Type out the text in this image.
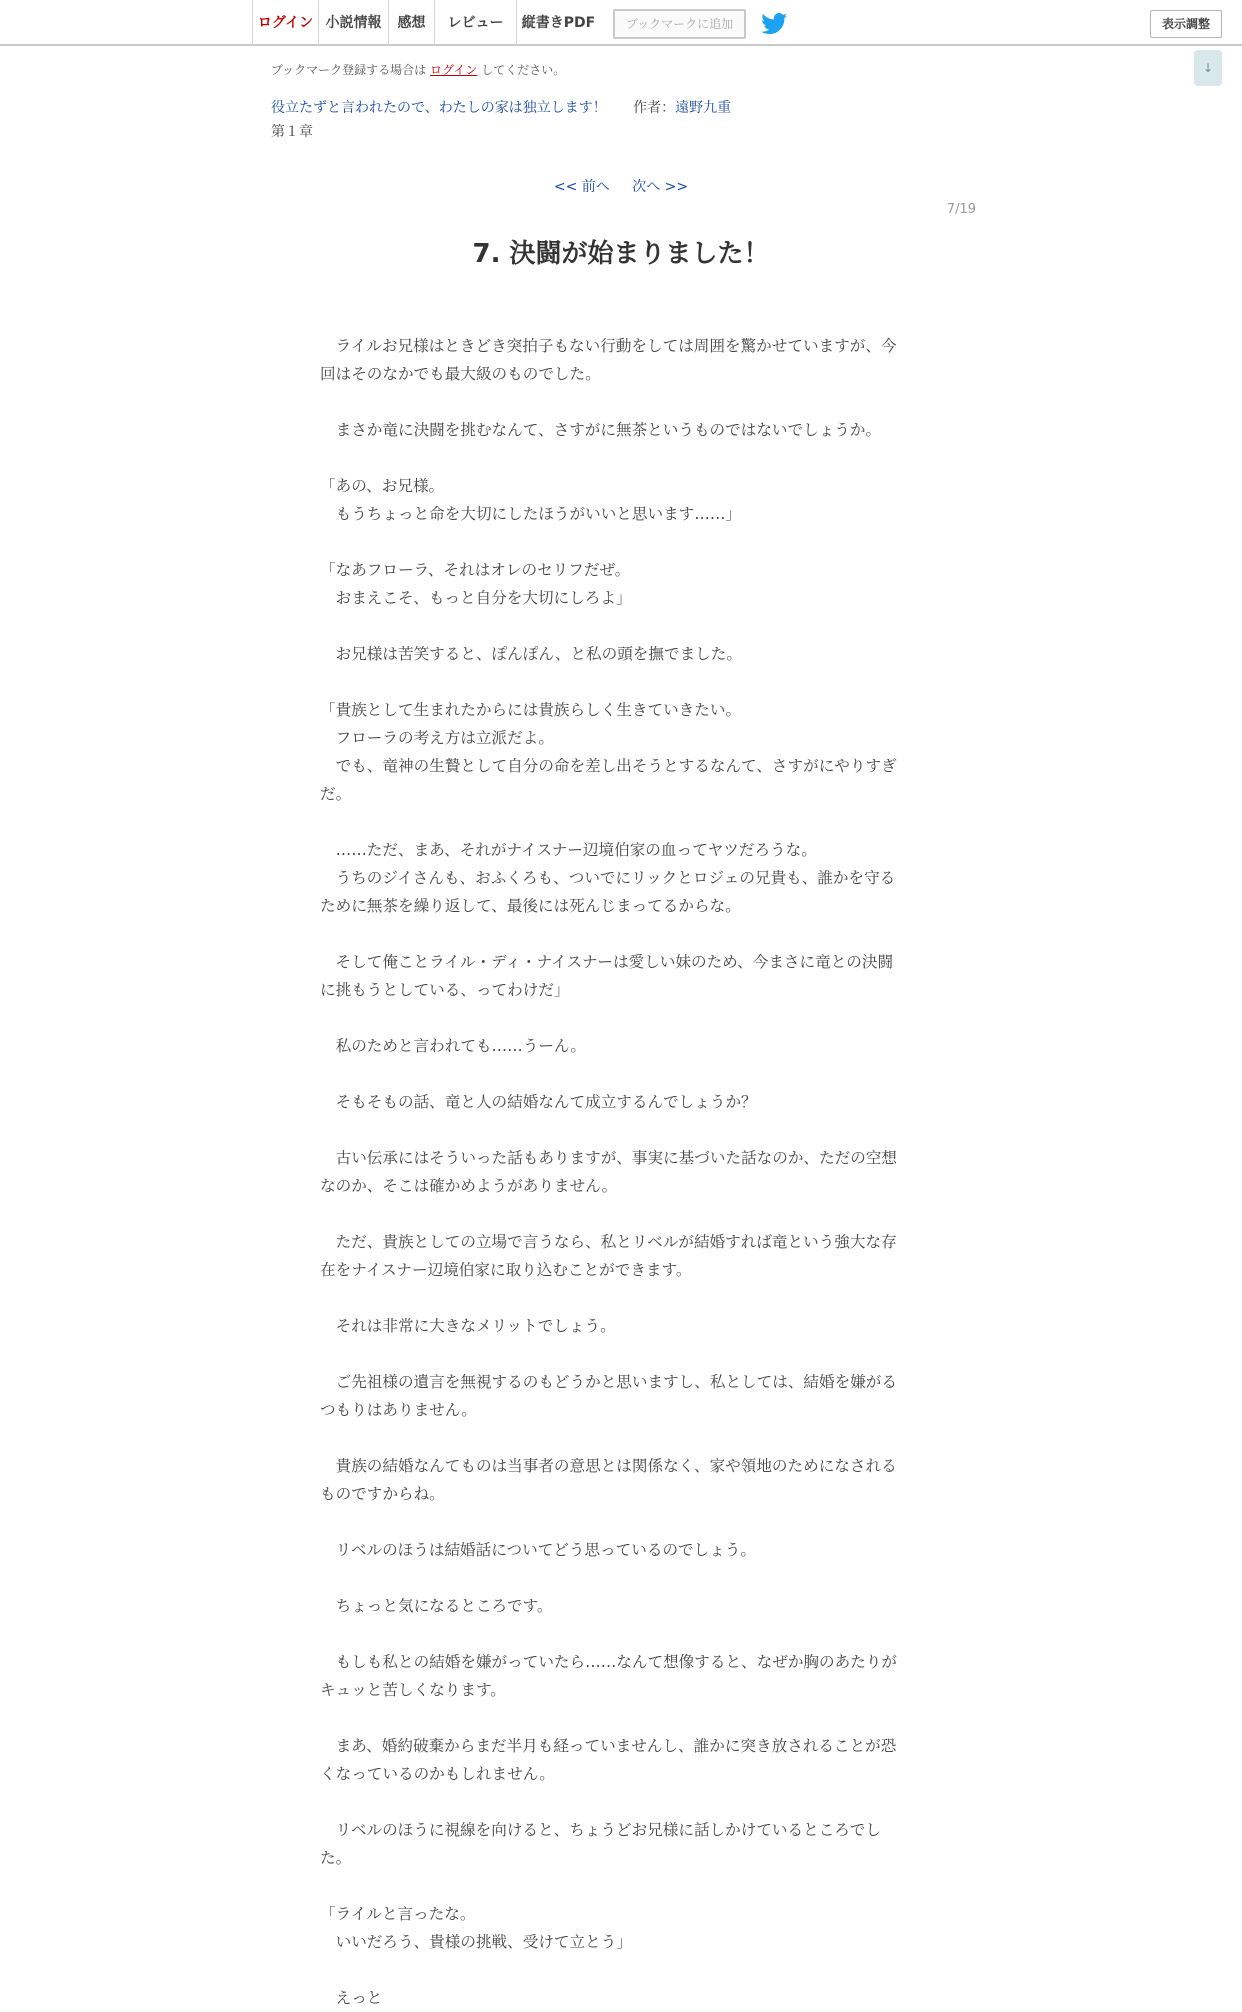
ログイン 小説情報	感想	レビュー	縦書きPDF	ブックマークに追加	表示調整
↓
ブックマーク登録する場合は ログイン してください。
役立たずと言われたので、わたしの家は独立します！ 作者：遠野九重
第１章
<< 前へ 次へ >>
7/19
7. 決闘が始まりました！
　ライルお兄様はときどき突拍子もない行動をしては周囲を驚かせていますが、今
回はそのなかでも最大級のものでした。
　まさか竜に決闘を挑むなんて、さすがに無茶というものではないでしょうか。
「あの、お兄様。
　もうちょっと命を大切にしたほうがいいと思います……」
「なあフローラ、それはオレのセリフだぜ。
　おまえこそ、もっと自分を大切にしろよ」
　お兄様は苦笑すると、ぽんぽん、と私の頭を撫でました。
「貴族として生まれたからには貴族らしく生きていきたい。
　フローラの考え方は立派だよ。
　でも、竜神の生贄として自分の命を差し出そうとするなんて、さすがにやりすぎ
だ。
　……ただ、まあ、それがナイスナー辺境伯家の血ってヤツだろうな。
　うちのジイさんも、おふくろも、ついでにリックとロジェの兄貴も、誰かを守る
ために無茶を繰り返して、最後には死んじまってるからな。
　そして俺ことライル・ディ・ナイスナーは愛しい妹のため、今まさに竜との決闘
に挑もうとしている、ってわけだ」
　私のためと言われても……うーん。
　そもそもの話、竜と人の結婚なんて成立するんでしょうか？
　古い伝承にはそういった話もありますが、事実に基づいた話なのか、ただの空想
なのか、そこは確かめようがありません。
　ただ、貴族としての立場で言うなら、私とリベルが結婚すれば竜という強大な存
在をナイスナー辺境伯家に取り込むことができます。
　それは非常に大きなメリットでしょう。
　ご先祖様の遺言を無視するのもどうかと思いますし、私としては、結婚を嫌がる
つもりはありません。
　貴族の結婚なんてものは当事者の意思とは関係なく、家や領地のためになされる
ものですからね。
　リベルのほうは結婚話についてどう思っているのでしょう。
　ちょっと気になるところです。
　もしも私との結婚を嫌がっていたら……なんて想像すると、なぜか胸のあたりが
キュッと苦しくなります。
　まあ、婚約破棄からまだ半月も経っていませんし、誰かに突き放されることが恐
くなっているのかもしれません。
　リベルのほうに視線を向けると、ちょうどお兄様に話しかけているところでし
た。
「ライルと言ったな。
　いいだろう、貴様の挑戦、受けて立とう」
　えっと
